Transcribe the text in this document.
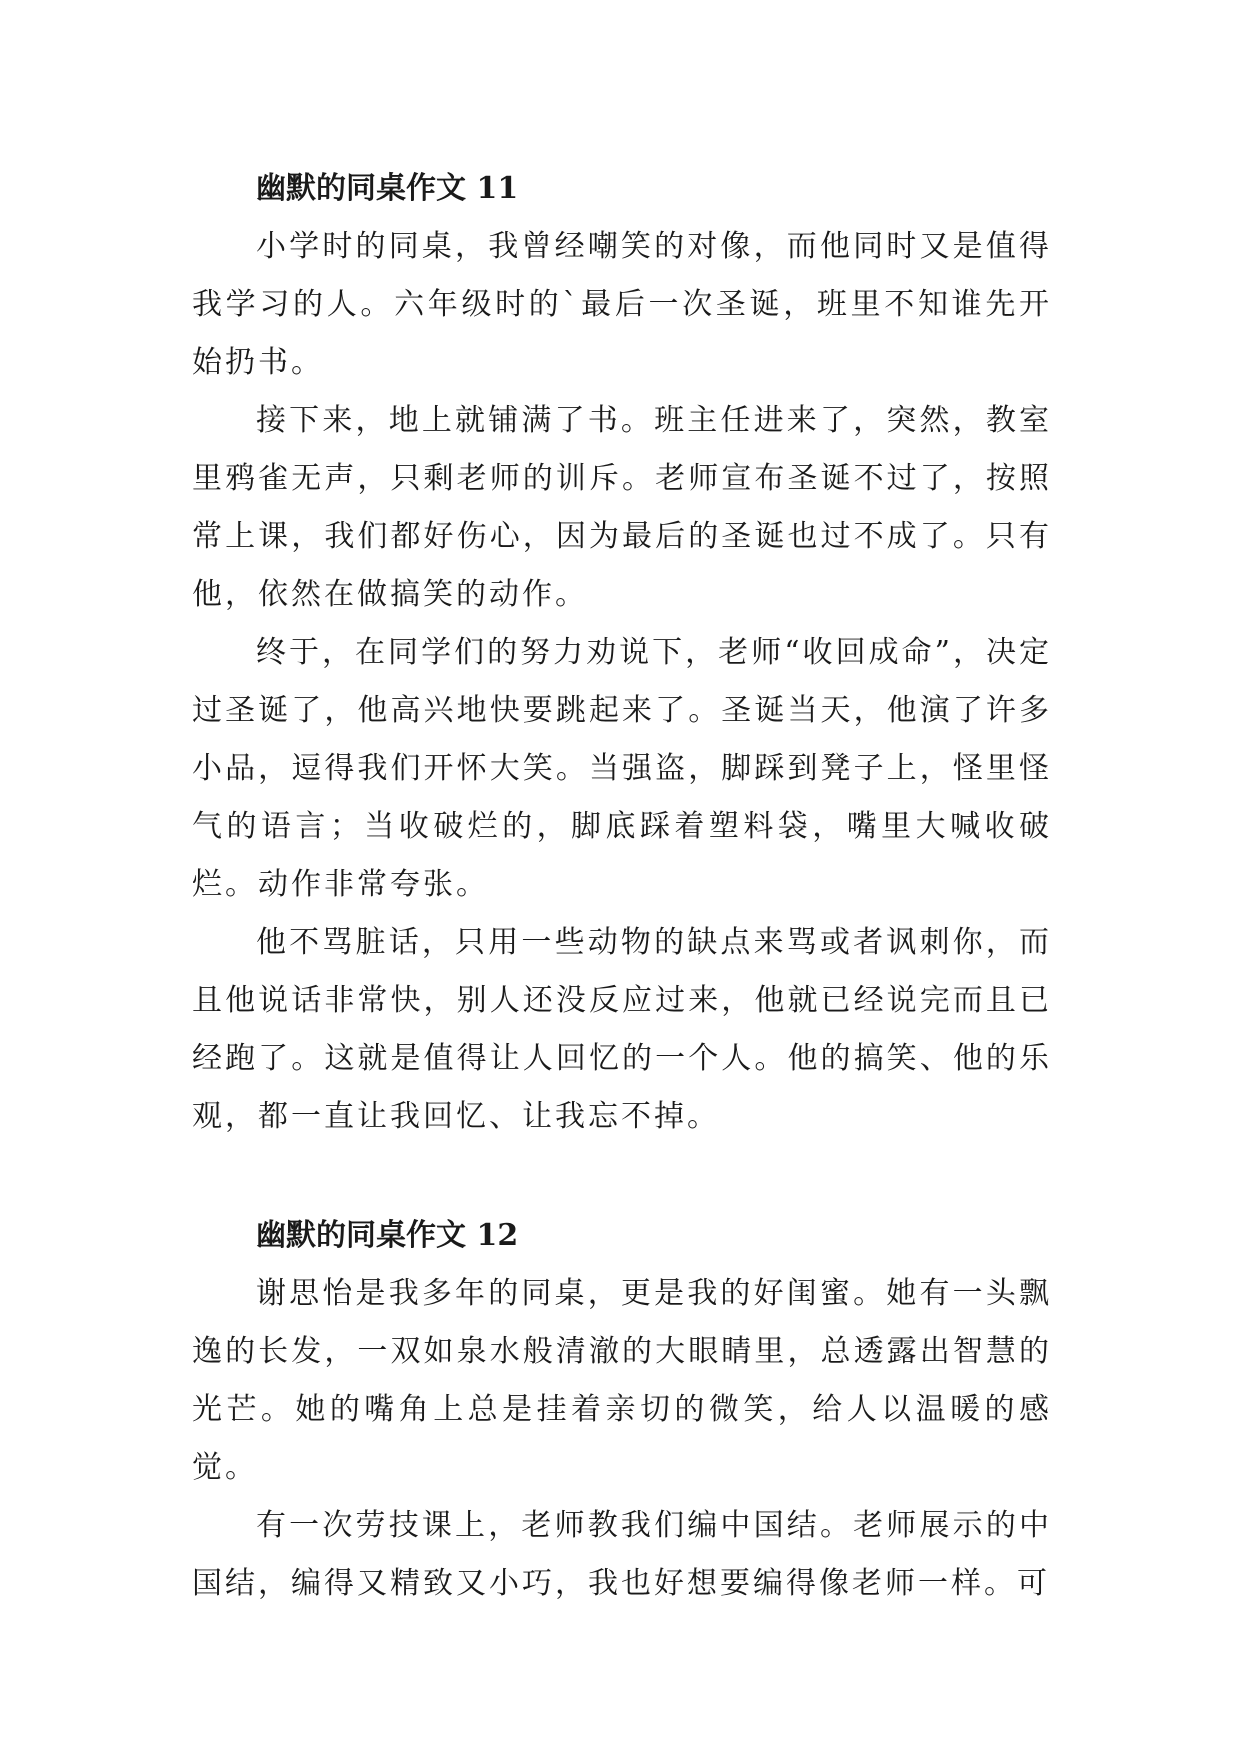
幽默的同桌作文 11

小学时的同桌，我曾经嘲笑的对像，而他同时又是值得我学习的人。六年级时的`最后一次圣诞，班里不知谁先开始扔书。

接下来，地上就铺满了书。班主任进来了，突然，教室里鸦雀无声，只剩老师的训斥。老师宣布圣诞不过了，按照常上课，我们都好伤心，因为最后的圣诞也过不成了。只有他，依然在做搞笑的动作。

终于，在同学们的努力劝说下，老师“收回成命”，决定过圣诞了，他高兴地快要跳起来了。圣诞当天，他演了许多小品，逗得我们开怀大笑。当强盗，脚踩到凳子上，怪里怪气的语言；当收破烂的，脚底踩着塑料袋，嘴里大喊收破烂。动作非常夸张。

他不骂脏话，只用一些动物的缺点来骂或者讽刺你，而且他说话非常快，别人还没反应过来，他就已经说完而且已经跑了。这就是值得让人回忆的一个人。他的搞笑、他的乐观，都一直让我回忆、让我忘不掉。

幽默的同桌作文 12

谢思怡是我多年的同桌，更是我的好闺蜜。她有一头飘逸的长发，一双如泉水般清澈的大眼睛里，总透露出智慧的光芒。她的嘴角上总是挂着亲切的微笑，给人以温暖的感觉。

有一次劳技课上，老师教我们编中国结。老师展示的中国结，编得又精致又小巧，我也好想要编得像老师一样。可
